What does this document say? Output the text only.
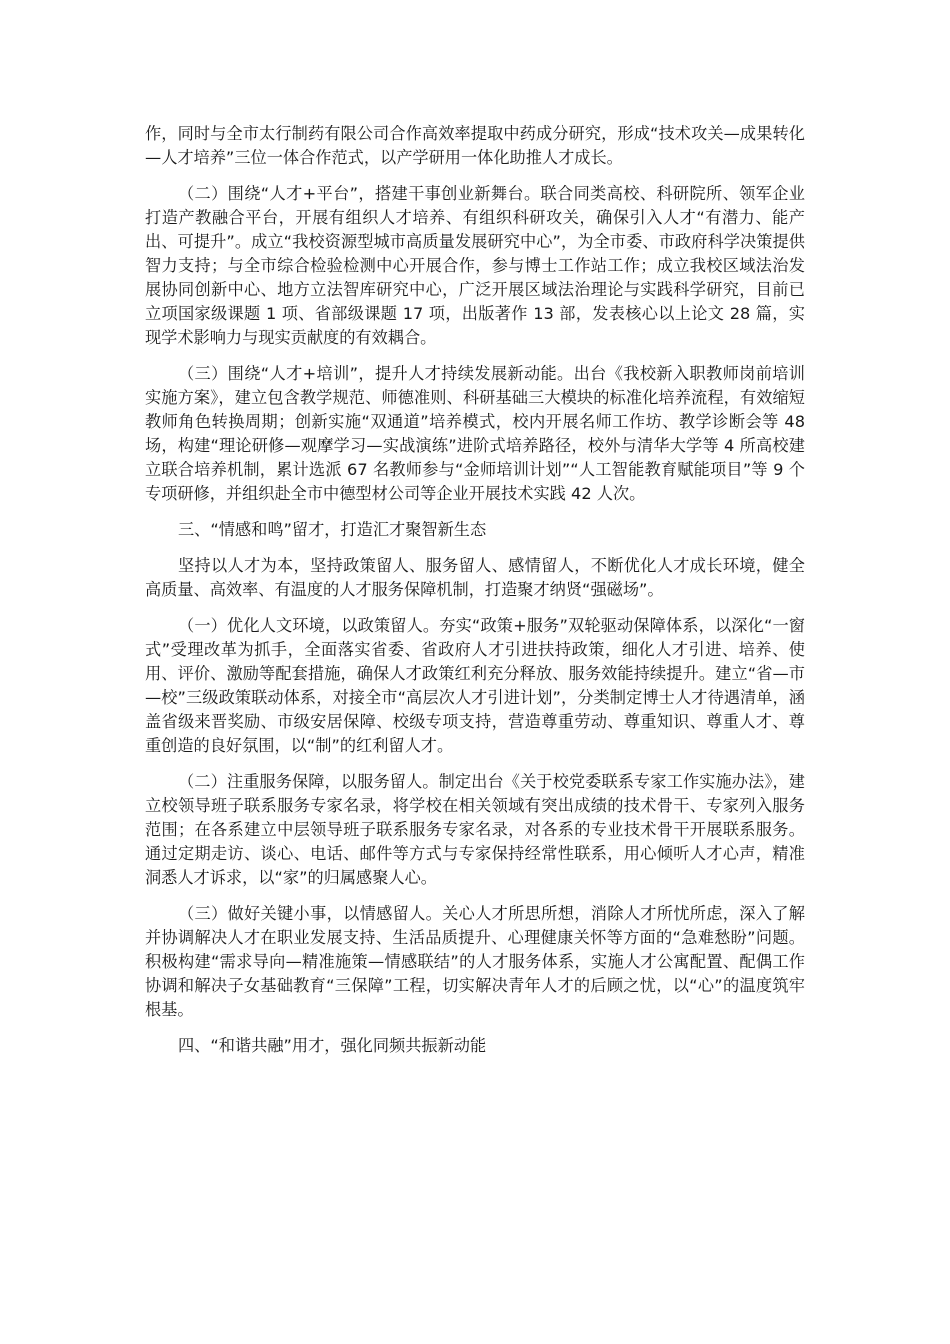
作，同时与全市太行制药有限公司合作高效率提取中药成分研究，形成“技术攻关—成果转化—人才培养”三位一体合作范式，以产学研用一体化助推人才成长。

（二）围绕“人才+平台”，搭建干事创业新舞台。联合同类高校、科研院所、领军企业打造产教融合平台，开展有组织人才培养、有组织科研攻关，确保引入人才“有潜力、能产出、可提升”。成立“我校资源型城市高质量发展研究中心”，为全市委、市政府科学决策提供智力支持；与全市综合检验检测中心开展合作，参与博士工作站工作；成立我校区域法治发展协同创新中心、地方立法智库研究中心，广泛开展区域法治理论与实践科学研究，目前已立项国家级课题 1 项、省部级课题 17 项，出版著作 13 部，发表核心以上论文 28 篇，实现学术影响力与现实贡献度的有效耦合。

（三）围绕“人才+培训”，提升人才持续发展新动能。出台《我校新入职教师岗前培训实施方案》，建立包含教学规范、师德准则、科研基础三大模块的标准化培养流程，有效缩短教师角色转换周期；创新实施“双通道”培养模式，校内开展名师工作坊、教学诊断会等 48 场，构建“理论研修—观摩学习—实战演练”进阶式培养路径，校外与清华大学等 4 所高校建立联合培养机制，累计选派 67 名教师参与“金师培训计划”“人工智能教育赋能项目”等 9 个专项研修，并组织赴全市中德型材公司等企业开展技术实践 42 人次。

三、“情感和鸣”留才，打造汇才聚智新生态

坚持以人才为本，坚持政策留人、服务留人、感情留人，不断优化人才成长环境，健全高质量、高效率、有温度的人才服务保障机制，打造聚才纳贤“强磁场”。

（一）优化人文环境，以政策留人。夯实“政策+服务”双轮驱动保障体系，以深化“一窗式”受理改革为抓手，全面落实省委、省政府人才引进扶持政策，细化人才引进、培养、使用、评价、激励等配套措施，确保人才政策红利充分释放、服务效能持续提升。建立“省—市—校”三级政策联动体系，对接全市“高层次人才引进计划”，分类制定博士人才待遇清单，涵盖省级来晋奖励、市级安居保障、校级专项支持，营造尊重劳动、尊重知识、尊重人才、尊重创造的良好氛围，以“制”的红利留人才。

（二）注重服务保障，以服务留人。制定出台《关于校党委联系专家工作实施办法》，建立校领导班子联系服务专家名录，将学校在相关领域有突出成绩的技术骨干、专家列入服务范围；在各系建立中层领导班子联系服务专家名录，对各系的专业技术骨干开展联系服务。通过定期走访、谈心、电话、邮件等方式与专家保持经常性联系，用心倾听人才心声，精准洞悉人才诉求，以“家”的归属感聚人心。

（三）做好关键小事，以情感留人。关心人才所思所想，消除人才所忧所虑，深入了解并协调解决人才在职业发展支持、生活品质提升、心理健康关怀等方面的“急难愁盼”问题。积极构建“需求导向—精准施策—情感联结”的人才服务体系，实施人才公寓配置、配偶工作协调和解决子女基础教育“三保障”工程，切实解决青年人才的后顾之忧，以“心”的温度筑牢根基。

四、“和谐共融”用才，强化同频共振新动能
